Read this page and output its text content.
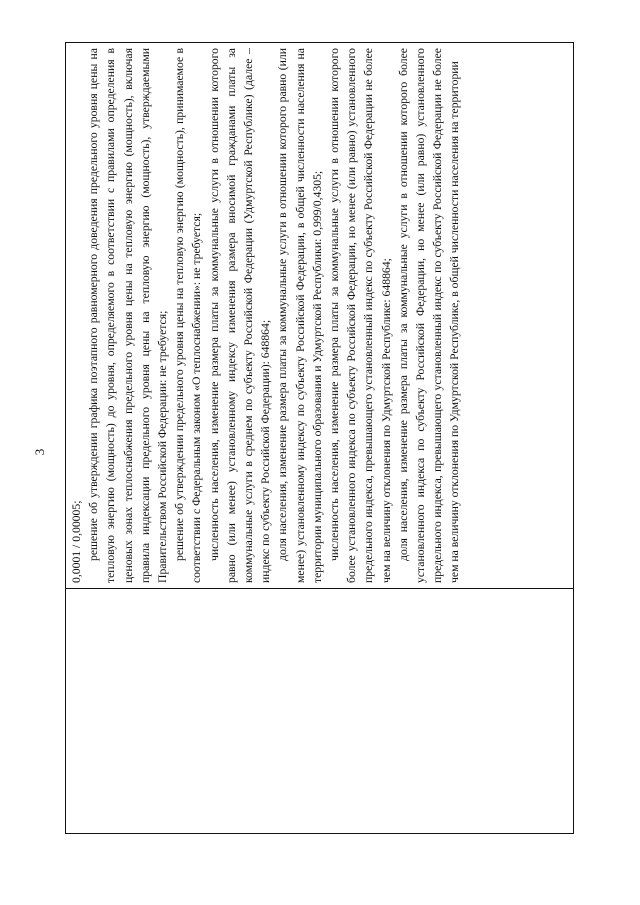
3

0,0001 / 0,00005; решение об утверждении графика поэтапного равномерного доведения предельного уровня цены на тепловую энергию (мощность) до уровня, определяемого в соответствии с правилами определения в ценовых зонах теплоснабжения предельного уровня цены на тепловую энергию (мощность), включая правила индексации предельного уровня цены на тепловую энергию (мощность), утверждаемыми Правительством Российской Федерации: не требуется; решение об утверждении предельного уровня цены на тепловую энергию (мощность), принимаемое в соответствии с Федеральным законом «О теплоснабжении»: не требуется; численность населения, изменение размера платы за коммунальные услуги в отношении которого равно (или менее) установленному индексу изменения размера вносимой гражданами платы за коммунальные услуги в среднем по субъекту Российской Федерации (Удмуртской Республике) (далее – индекс по субъекту Российской Федерации): 648864; доля населения, изменение размера платы за коммунальные услуги в отношении которого равно (или менее) установленному индексу по субъекту Российской Федерации, в общей численности населения на территории муниципального образования и Удмуртской Республики: 0,999/0,4305; численность населения, изменение размера платы за коммунальные услуги в отношении которого более установленного индекса по субъекту Российской Федерации, но менее (или равно) установленного предельного индекса, превышающего установленный индекс по субъекту Российской Федерации не более чем на величину отклонения по Удмуртской Республике: 648864; доля населения, изменение размера платы за коммунальные услуги в отношении которого более установленного индекса по субъекту Российской Федерации, но менее (или равно) установленного предельного индекса, превышающего установленный индекс по субъекту Российской Федерации не более чем на величину отклонения по Удмуртской Республике, в общей численности населения на территории
